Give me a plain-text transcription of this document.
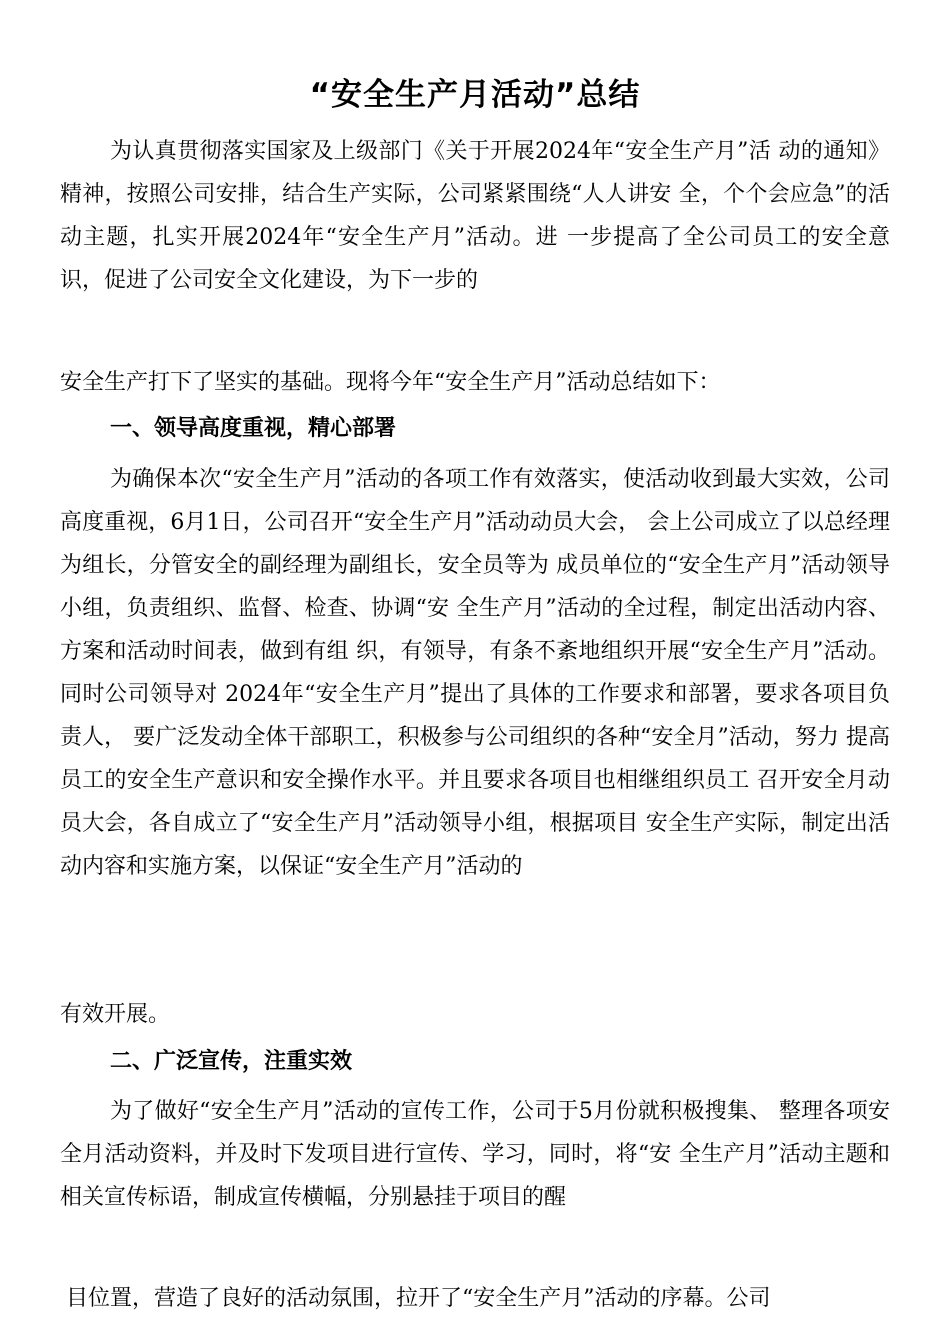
“安全生产月活动”总结

为认真贯彻落实国家及上级部门《关于开展2024年“安全生产月”活 动的通知》精神，按照公司安排，结合生产实际，公司紧紧围绕“人人讲安 全，个个会应急”的活动主题，扎实开展2024年“安全生产月”活动。进 一步提高了全公司员工的安全意识，促进了公司安全文化建设，为下一步的

安全生产打下了坚实的基础。现将今年“安全生产月”活动总结如下：

一、领导高度重视，精心部署

为确保本次“安全生产月”活动的各项工作有效落实，使活动收到最大实效，公司高度重视，6月1日，公司召开“安全生产月”活动动员大会， 会上公司成立了以总经理为组长，分管安全的副经理为副组长，安全员等为 成员单位的“安全生产月”活动领导小组，负责组织、监督、检查、协调“安 全生产月”活动的全过程，制定出活动内容、方案和活动时间表，做到有组 织，有领导，有条不紊地组织开展“安全生产月”活动。同时公司领导对 2024年“安全生产月”提出了具体的工作要求和部署，要求各项目负责人， 要广泛发动全体干部职工，积极参与公司组织的各种“安全月”活动，努力 提高员工的安全生产意识和安全操作水平。并且要求各项目也相继组织员工 召开安全月动员大会，各自成立了“安全生产月”活动领导小组，根据项目 安全生产实际，制定出活动内容和实施方案，以保证“安全生产月”活动的

有效开展。

二、广泛宣传，注重实效

为了做好“安全生产月”活动的宣传工作，公司于5月份就积极搜集、 整理各项安全月活动资料，并及时下发项目进行宣传、学习，同时，将“安 全生产月”活动主题和相关宣传标语，制成宣传横幅，分别悬挂于项目的醒

目位置，营造了良好的活动氛围，拉开了“安全生产月”活动的序幕。公司
